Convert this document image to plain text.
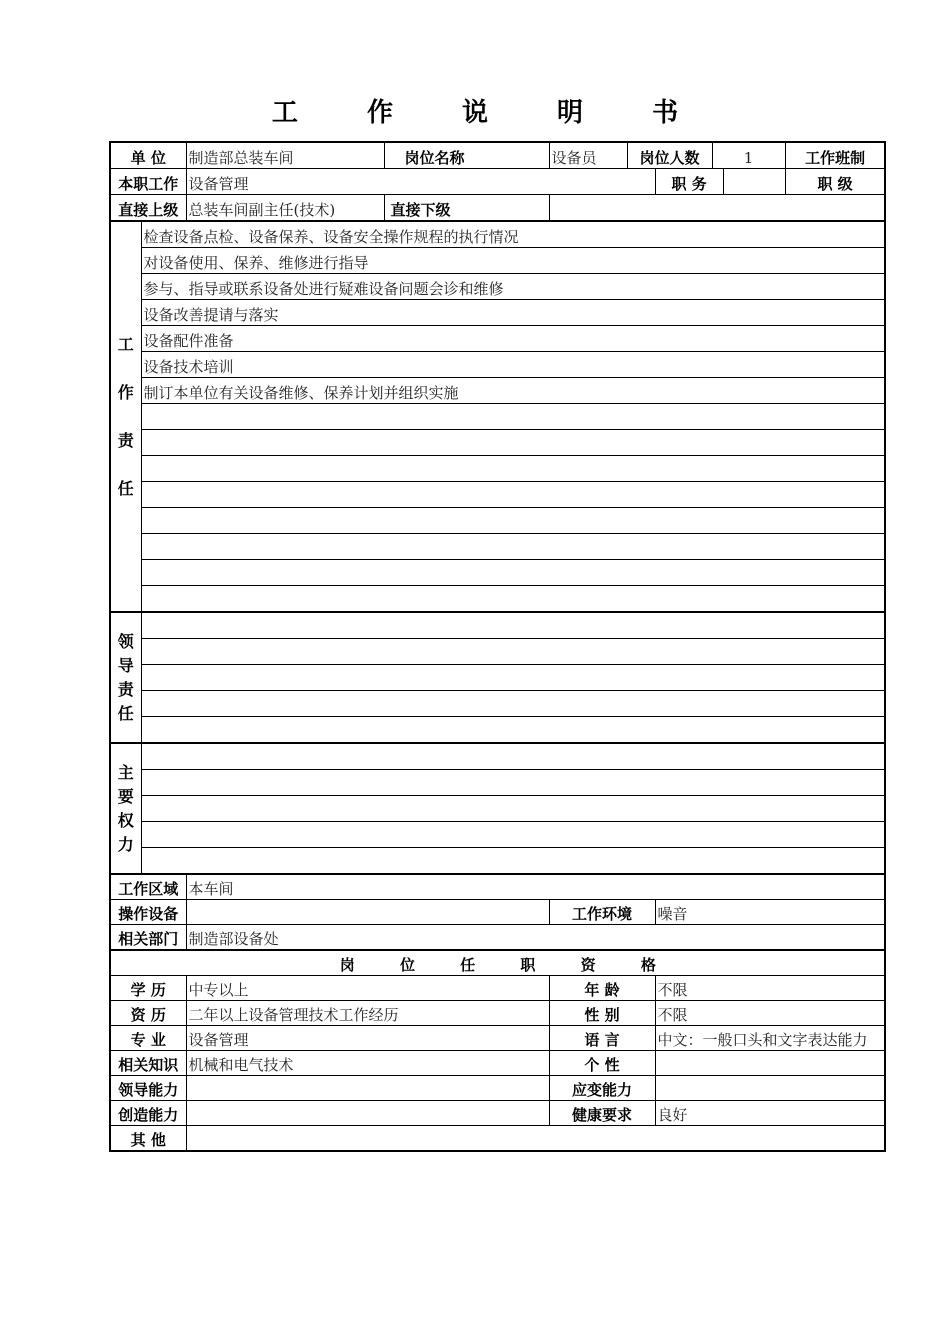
工 作 说 明 书
单 位		制造部总装车间	岗位名称	设备员	岗位人数		1		工作班制	
本职工作		设备管理				职 务			职 级	
直接上级		总装车间副主任(技术)	直接下级							

工
作
责
任	检查设备点检、设备保养、设备安全操作规程的执行情况									
	对设备使用、保养、维修进行指导									
	参与、指导或联系设备处进行疑难设备问题会诊和维修									
	设备改善提请与落实									
	设备配件准备									
	设备技术培训									
	制订本单位有关设备维修、保养计划并组织实施									

领
导
责
任										

主
要
权
力										

工作区域		本车间								
操作设备				工作环境		噪音				
相关部门		制造部设备处								
岗 位 任 职 资 格										
学 历		中专以上		年 龄		不限				
资 历		二年以上设备管理技术工作经历		性 别		不限				
专 业		设备管理		语 言		中文：一般口头和文字表达能力				
相关知识		机械和电气技术		个 性						
领导能力				应变能力						
创造能力				健康要求		良好				
其 他										
